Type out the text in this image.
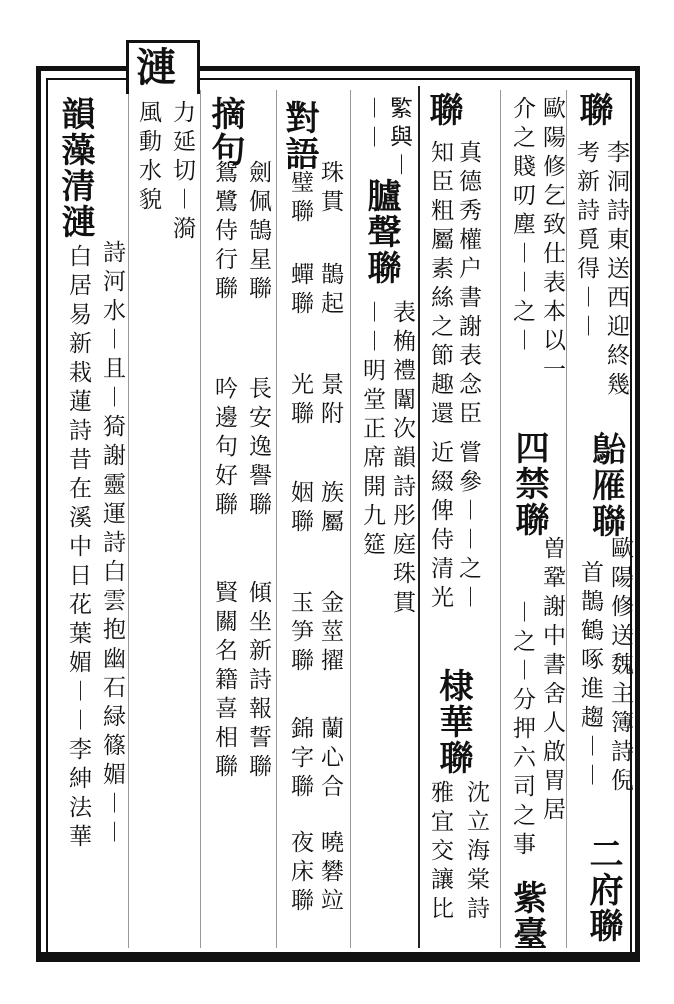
漣
聯
李洞詩東送西迎終幾
考新詩覓得︱︱
𩿡雁聯
歐陽修送魏主簿詩倪
首鵲鶴啄進趨︱︱
二府聯
歐陽修乞致仕表本以一
介之賤叨塵︱︱之︱
四禁聯
曽鞏謝中書舍人啟胃居
︱之︱分押六司之事
紫臺
聯
真德秀權户書謝表念臣
知臣粗屬素絲之節趣還
嘗參︱︱之︱
近綴俾侍清光
棣華聯
沈立海棠詩
雅宜交讓比
𦂳與︱
︱︱
臚聲聯
表桷禮闈次韻詩彤庭珠貫
︱︱明堂正席開九筵
對語
珠貫
璧聯
鵲起
蟬聯
景附
光聯
族屬
姻聯
金莖擢
玉笋聯
蘭心合
錦字聯
曉礬竝
夜床聯
摘句
劍佩鵠星聯
鴛鷺侍行聯
長安逸譽聯
吟邊句好聯
傾坐新詩報誓聯
賢關名籍喜相聯
力延切︱漪
風動水貌
韻藻清漣
詩河水︱且︱猗謝靈運詩白雲抱幽石緑篠媚︱︱
白居易新栽蓮詩昔在溪中日花葉媚︱︱李紳法華
